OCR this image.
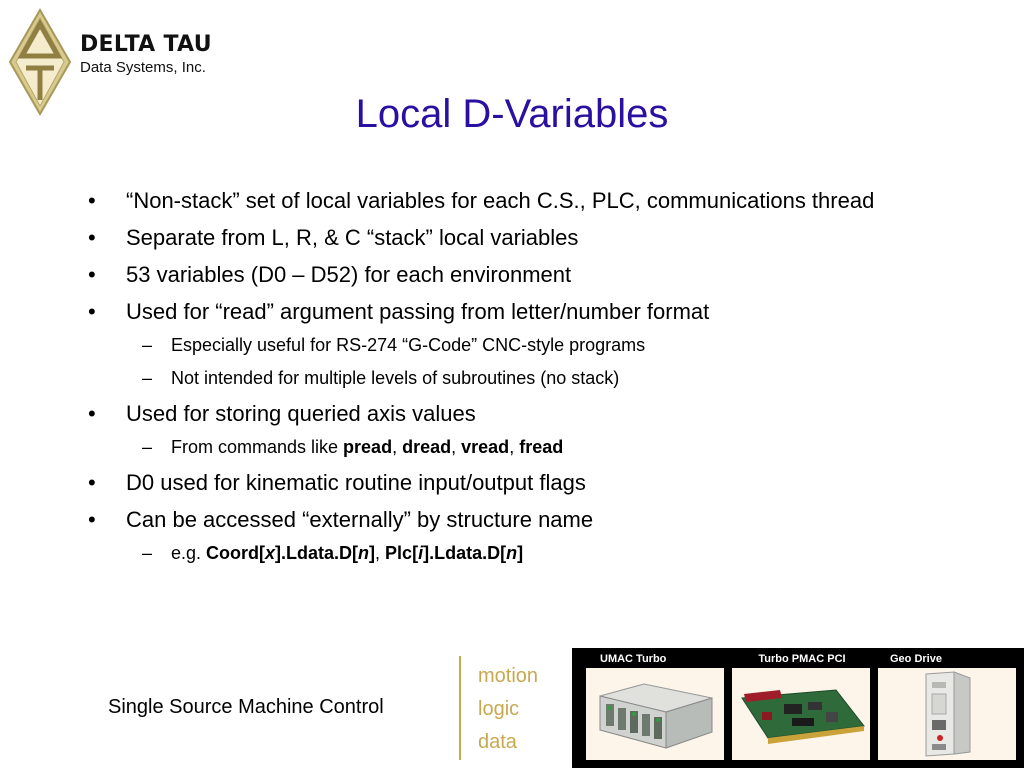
DELTA TAU
Data Systems, Inc.
Local D-Variables
• “Non-stack” set of local variables for each C.S., PLC, communications thread
• Separate from L, R, & C “stack” local variables
• 53 variables (D0 – D52) for each environment
• Used for “read” argument passing from letter/number format
– Especially useful for RS-274 “G-Code” CNC-style programs
– Not intended for multiple levels of subroutines (no stack)
• Used for storing queried axis values
– From commands like pread, dread, vread, fread
• D0 used for kinematic routine input/output flags
• Can be accessed “externally” by structure name
– e.g. Coord[x].Ldata.D[n], Plc[i].Ldata.D[n]
Single Source Machine Control
motion
logic
data
UMAC Turbo	Turbo PMAC PCI	Geo Drive
